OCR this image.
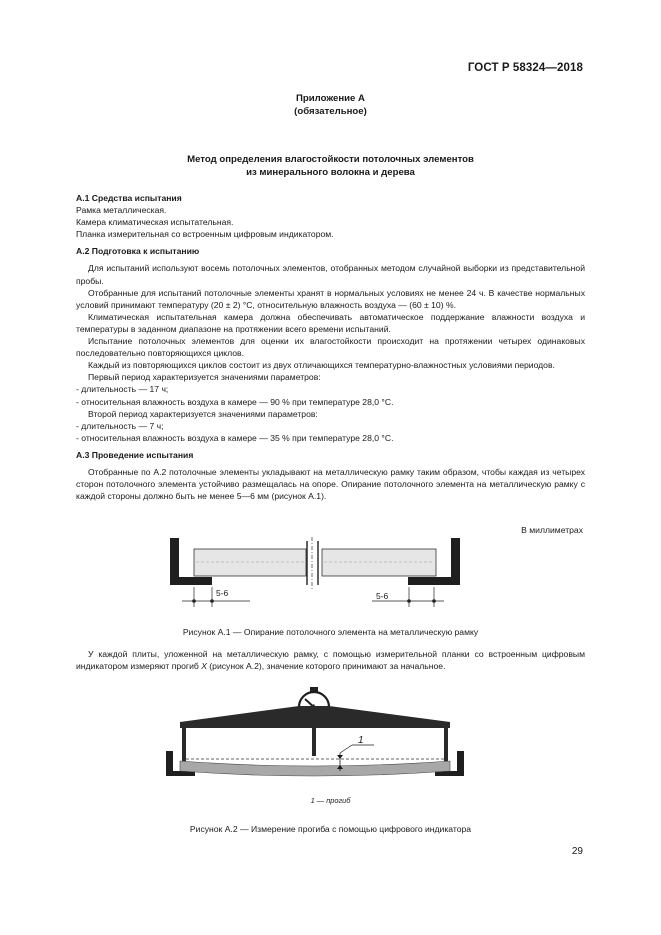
ГОСТ Р 58324—2018
Приложение А
(обязательное)
Метод определения влагостойкости потолочных элементов
из минерального волокна и дерева

А.1 Средства испытания

Рамка металлическая.

Камера климатическая испытательная.

Планка измерительная со встроенным цифровым индикатором.

А.2 Подготовка к испытанию

Для испытаний используют восемь потолочных элементов, отобранных методом случайной выборки из представительной пробы.

Отобранные для испытаний потолочные элементы хранят в нормальных условиях не менее 24 ч. В качестве нормальных условий принимают температуру (20 ± 2) °С, относительную влажность воздуха — (60 ± 10) %.

Климатическая испытательная камера должна обеспечивать автоматическое поддержание влажности воздуха и температуры в заданном диапазоне на протяжении всего времени испытаний.

Испытание потолочных элементов для оценки их влагостойкости происходит на протяжении четырех одинаковых последовательно повторяющихся циклов.

Каждый из повторяющихся циклов состоит из двух отличающихся температурно-влажностных условиями периодов.

Первый период характеризуется значениями параметров:

- длительность — 17 ч;

- относительная влажность воздуха в камере — 90 % при температуре 28,0 °С.

Второй период характеризуется значениями параметров:

- длительность — 7 ч;

- относительная влажность воздуха в камере — 35 % при температуре 28,0 °С.

А.3 Проведение испытания

Отобранные по А.2 потолочные элементы укладывают на металлическую рамку таким образом, чтобы каждая из четырех сторон потолочного элемента устойчиво размещалась на опоре. Опирание потолочного элемента на металлическую рамку с каждой стороны должно быть не менее 5—6 мм (рисунок А.1).

В миллиметрах
5-6	5-6
Рисунок А.1 — Опирание потолочного элемента на металлическую рамку

У каждой плиты, уложенной на металлическую рамку, с помощью измерительной планки со встроенным цифровым индикатором измеряют прогиб X (рисунок А.2), значение которого принимают за начальное.

1
1 — прогиб
Рисунок А.2 — Измерение прогиба с помощью цифрового индикатора
29
